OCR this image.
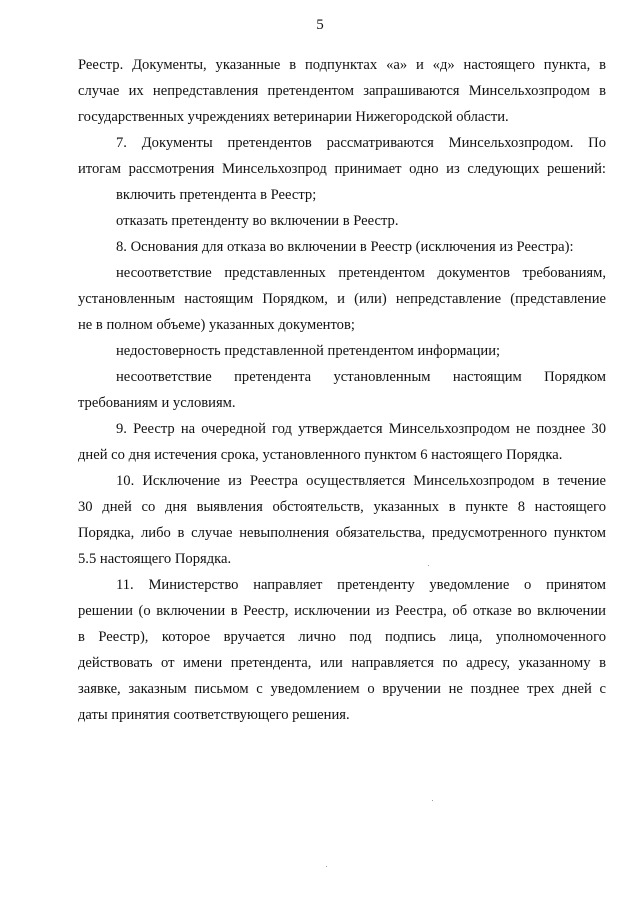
5
Реестр. Документы, указанные в подпунктах «а» и «д» настоящего пункта, в
случае их непредставления претендентом запрашиваются Минсельхозпродом в
государственных учреждениях ветеринарии Нижегородской области.
7. Документы претендентов рассматриваются Минсельхозпродом. По
итогам рассмотрения Минсельхозпрод принимает одно из следующих решений:
включить претендента в Реестр;
отказать претенденту во включении в Реестр.
8. Основания для отказа во включении в Реестр (исключения из Реестра):
несоответствие представленных претендентом документов требованиям,
установленным настоящим Порядком, и (или) непредставление (представление
не в полном объеме) указанных документов;
недостоверность представленной претендентом информации;
несоответствие претендента установленным настоящим Порядком
требованиям и условиям.
9. Реестр на очередной год утверждается Минсельхозпродом не позднее 30
дней со дня истечения срока, установленного пунктом 6 настоящего Порядка.
10. Исключение из Реестра осуществляется Минсельхозпродом в течение
30 дней со дня выявления обстоятельств, указанных в пункте 8 настоящего
Порядка, либо в случае невыполнения обязательства, предусмотренного пунктом
5.5 настоящего Порядка.
11. Министерство направляет претенденту уведомление о принятом
решении (о включении в Реестр, исключении из Реестра, об отказе во включении
в Реестр), которое вручается лично под подпись лица, уполномоченного
действовать от имени претендента, или направляется по адресу, указанному в
заявке, заказным письмом с уведомлением о вручении не позднее трех дней с
даты принятия соответствующего решения.
